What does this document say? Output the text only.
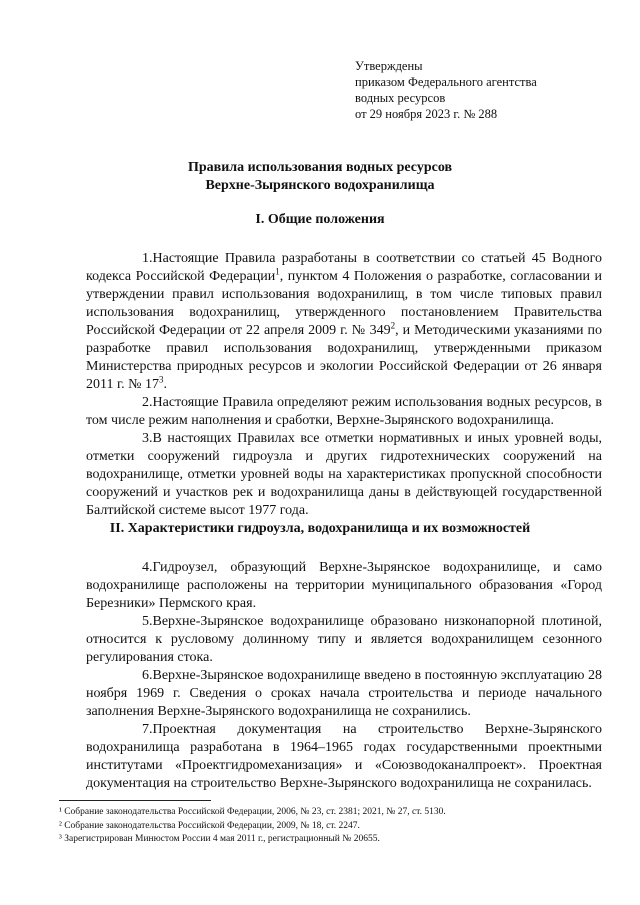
Утверждены
приказом Федерального агентства
водных ресурсов
от 29 ноября 2023 г. № 288
Правила использования водных ресурсов
Верхне-Зырянского водохранилища
I. Общие положения

1.Настоящие Правила разработаны в соответствии со статьей 45 Водного кодекса Российской Федерации$^1$, пунктом 4 Положения о разработке, согласовании и утверждении правил использования водохранилищ, в том числе типовых правил использования водохранилищ, утвержденного постановлением Правительства Российской Федерации от 22 апреля 2009 г. № $349^2$, и Методическими указаниями по разработке правил использования водохранилищ, утвержденными приказом Министерства природных ресурсов и экологии Российской Федерации от 26 января 2011 г. № $17^3$.

2.Настоящие Правила определяют режим использования водных ресурсов, в том числе режим наполнения и сработки, Верхне-Зырянского водохранилища.

3.В настоящих Правилах все отметки нормативных и иных уровней воды, отметки сооружений гидроузла и других гидротехнических сооружений на водохранилище, отметки уровней воды на характеристиках пропускной способности сооружений и участков рек и водохранилища даны в действующей государственной Балтийской системе высот 1977 года.

II. Характеристики гидроузла, водохранилища и их возможностей

4.Гидроузел, образующий Верхне-Зырянское водохранилище, и само водохранилище расположены на территории муниципального образования «Город Березники» Пермского края.

5.Верхне-Зырянское водохранилище образовано низконапорной плотиной, относится к русловому долинному типу и является водохранилищем сезонного регулирования стока.

6.Верхне-Зырянское водохранилище введено в постоянную эксплуатацию 28 ноября 1969 г. Сведения о сроках начала строительства и периоде начального заполнения Верхне-Зырянского водохранилища не сохранились.

7.Проектная документация на строительство Верхне-Зырянского водохранилища разработана в 1964–1965 годах государственными проектными институтами «Проектгидромеханизация» и «Союзводоканалпроект». Проектная документация на строительство Верхне-Зырянского водохранилища не сохранилась.

¹ Собрание законодательства Российской Федерации, 2006, № 23, ст. 2381; 2021, № 27, ст. 5130.
² Собрание законодательства Российской Федерации, 2009, № 18, ст. 2247.
³ Зарегистрирован Минюстом России 4 мая 2011 г., регистрационный № 20655.
